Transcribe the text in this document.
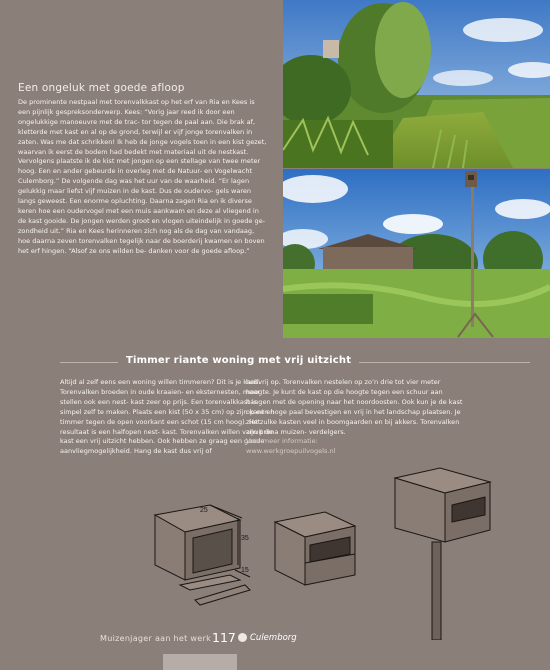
Een ongeluk met goede afloop

De prominente nestpaal met torenvalkkast op het erf van Ria en Kees is een pijnlijk gespreksonderwerp. Kees: “Vorig jaar reed ik door een ongelukkige manoeuvre met de trac- tor tegen de paal aan. Die brak af, kletterde met kast en al op de grond, terwijl er vijf jonge torenvalken in zaten. Was me dat schrikken! Ik heb de jonge vogels toen in een kist gezet, waarvan ik eerst de bodem had bedekt met materiaal uit de nestkast. Vervolgens plaatste ik de kist met jongen op een stellage van twee meter hoog. Een en ander gebeurde in overleg met de Natuur- en Vogelwacht Culemborg.” De volgende dag was het uur van de waarheid. “Er lagen gelukkig maar liefst vijf muizen in de kast. Dus de oudervo- gels waren langs geweest. Een enorme opluchting. Daarna zagen Ria en ik diverse keren hoe een oudervogel met een muis aankwam en deze al vliegend in de kast gooide. De jongen werden groot en vlogen uiteindelijk in goede ge- zondheid uit.” Ria en Kees herinneren zich nog als de dag van vandaag, hoe daarna zeven torenvalken tegelijk naar de boerderij kwamen en boven het erf hingen. “Alsof ze ons wilden be- danken voor de goede afloop.”

Timmer riante woning met vrij uitzicht

Altijd al zelf eens een woning willen timmeren? Dit is je kans. Torenvalken broeden in oude kraaien- en eksternesten, maar stellen ook een nest- kast zeer op prijs. Een torenvalkkast is simpel zelf te maken. Plaats een kist (50 x 35 cm) op zijn kant en timmer tegen de open voorkant een schot (15 cm hoog). Het resultaat is een halfopen nest- kast. Torenvalken willen vanuit de kast een vrij uitzicht hebben. Ook hebben ze graag een goede aanvliegmogelijkheid. Hang de kast dus vrij of

halfvrij op. Torenvalken nestelen op zo’n drie tot vier meter hoogte. Je kunt de kast op die hoogte tegen een schuur aan hangen met de opening naar het noordoosten. Ook kun je de kast op een hoge paal bevestigen en vrij in het landschap plaatsen. Je ziet zulke kasten veel in boomgaarden en bij akkers. Torenvalken zijn prima muizen- verdelgers.

Voor meer informatie:
www.werkgroepuilvogels.nl

25
35
15
Muizenjager aan het werk 117 Culemborg
